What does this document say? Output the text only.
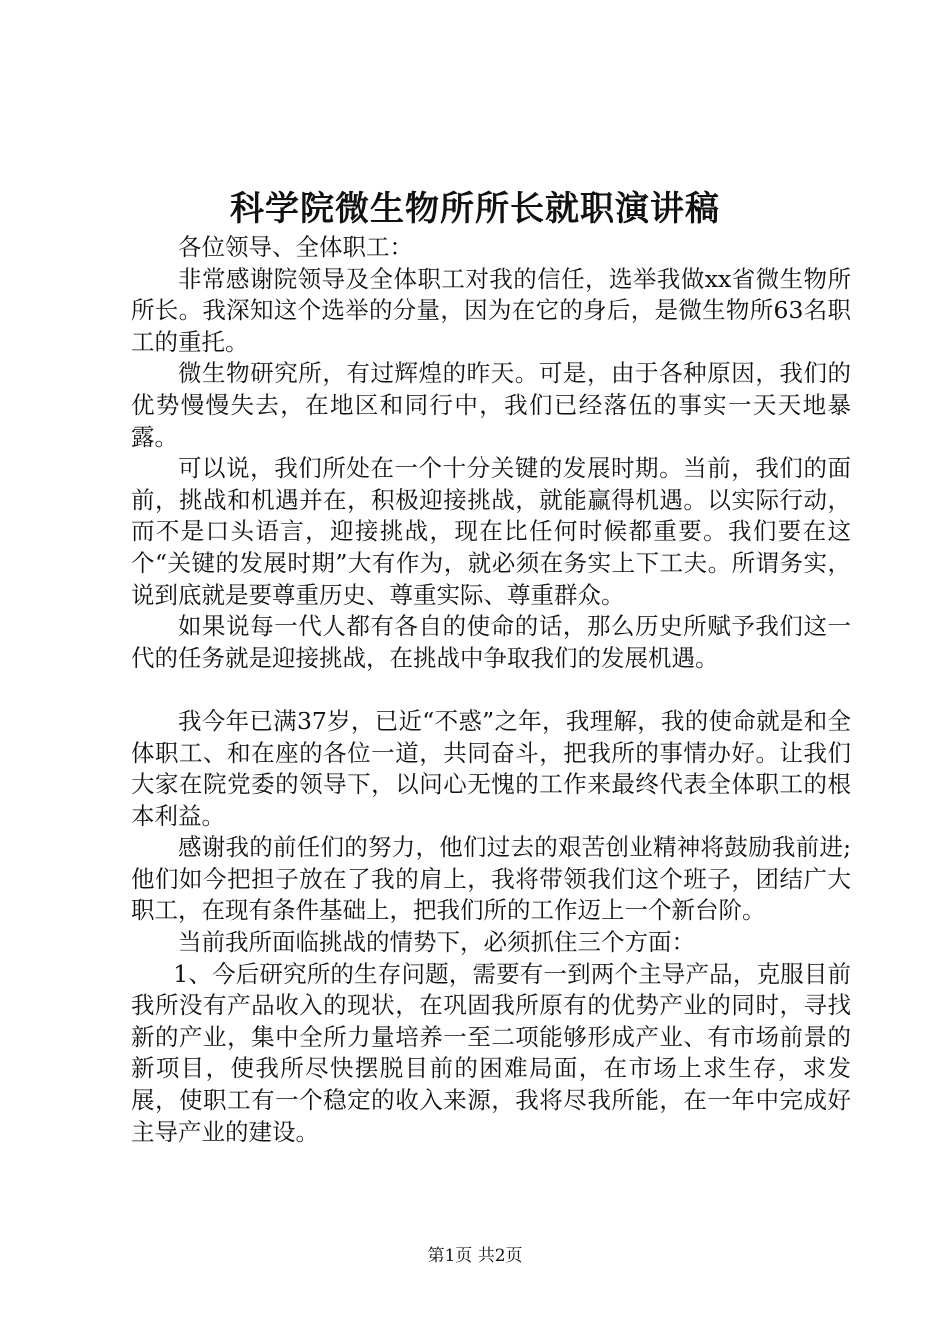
科学院微生物所所长就职演讲稿

各位领导、全体职工：

非常感谢院领导及全体职工对我的信任，选举我做xx省微生物所所长。我深知这个选举的分量，因为在它的身后，是微生物所63名职工的重托。

微生物研究所，有过辉煌的昨天。可是，由于各种原因，我们的优势慢慢失去，在地区和同行中，我们已经落伍的事实一天天地暴露。

可以说，我们所处在一个十分关键的发展时期。当前，我们的面前，挑战和机遇并在，积极迎接挑战，就能赢得机遇。以实际行动，而不是口头语言，迎接挑战，现在比任何时候都重要。我们要在这个“关键的发展时期”大有作为，就必须在务实上下工夫。所谓务实，说到底就是要尊重历史、尊重实际、尊重群众。

如果说每一代人都有各自的使命的话，那么历史所赋予我们这一代的任务就是迎接挑战，在挑战中争取我们的发展机遇。

我今年已满37岁，已近“不惑”之年，我理解，我的使命就是和全体职工、和在座的各位一道，共同奋斗，把我所的事情办好。让我们大家在院党委的领导下，以问心无愧的工作来最终代表全体职工的根本利益。

感谢我的前任们的努力，他们过去的艰苦创业精神将鼓励我前进;他们如今把担子放在了我的肩上，我将带领我们这个班子，团结广大职工，在现有条件基础上，把我们所的工作迈上一个新台阶。

当前我所面临挑战的情势下，必须抓住三个方面：

1、今后研究所的生存问题，需要有一到两个主导产品，克服目前我所没有产品收入的现状，在巩固我所原有的优势产业的同时，寻找新的产业，集中全所力量培养一至二项能够形成产业、有市场前景的新项目，使我所尽快摆脱目前的困难局面，在市场上求生存，求发展，使职工有一个稳定的收入来源，我将尽我所能，在一年中完成好主导产业的建设。

第1页 共2页
